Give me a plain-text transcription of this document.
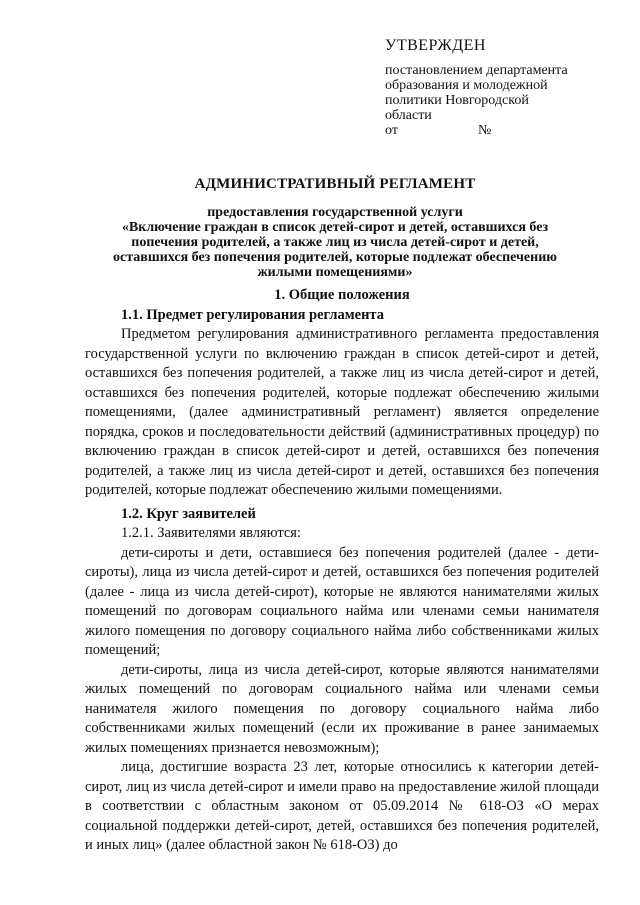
УТВЕРЖДЕН
постановлением департамента
образования и молодежной
политики Новгородской
области
от	№
АДМИНИСТРАТИВНЫЙ РЕГЛАМЕНТ
предоставления государственной услуги
«Включение граждан в список детей-сирот и детей, оставшихся без
попечения родителей, а также лиц из числа детей-сирот и детей,
оставшихся без попечения родителей, которые подлежат обеспечению
жилыми помещениями»

1. Общие положения

1.1. Предмет регулирования регламента

Предметом регулирования административного регламента предоставления государственной услуги по включению граждан в список детей-сирот и детей, оставшихся без попечения родителей, а также лиц из числа детей-сирот и детей, оставшихся без попечения родителей, которые подлежат обеспечению жилыми помещениями, (далее административный регламент) является определение порядка, сроков и последовательности действий (административных процедур) по включению граждан в список детей-сирот и детей, оставшихся без попечения родителей, а также лиц из числа детей-сирот и детей, оставшихся без попечения родителей, которые подлежат обеспечению жилыми помещениями.

1.2. Круг заявителей

1.2.1. Заявителями являются:

дети-сироты и дети, оставшиеся без попечения родителей (далее - дети-сироты), лица из числа детей-сирот и детей, оставшихся без попечения родителей (далее - лица из числа детей-сирот), которые не являются нанимателями жилых помещений по договорам социального найма или членами семьи нанимателя жилого помещения по договору социального найма либо собственниками жилых помещений;

дети-сироты, лица из числа детей-сирот, которые являются нанимателями жилых помещений по договорам социального найма или членами семьи нанимателя жилого помещения по договору социального найма либо собственниками жилых помещений (если их проживание в ранее занимаемых жилых помещениях признается невозможным);

лица, достигшие возраста 23 лет, которые относились к категории детей-сирот, лиц из числа детей-сирот и имели право на предоставление жилой площади в соответствии с областным законом от 05.09.2014 № 618-ОЗ «О мерах социальной поддержки детей-сирот, детей, оставшихся без попечения родителей, и иных лиц» (далее областной закон № 618-ОЗ) до
